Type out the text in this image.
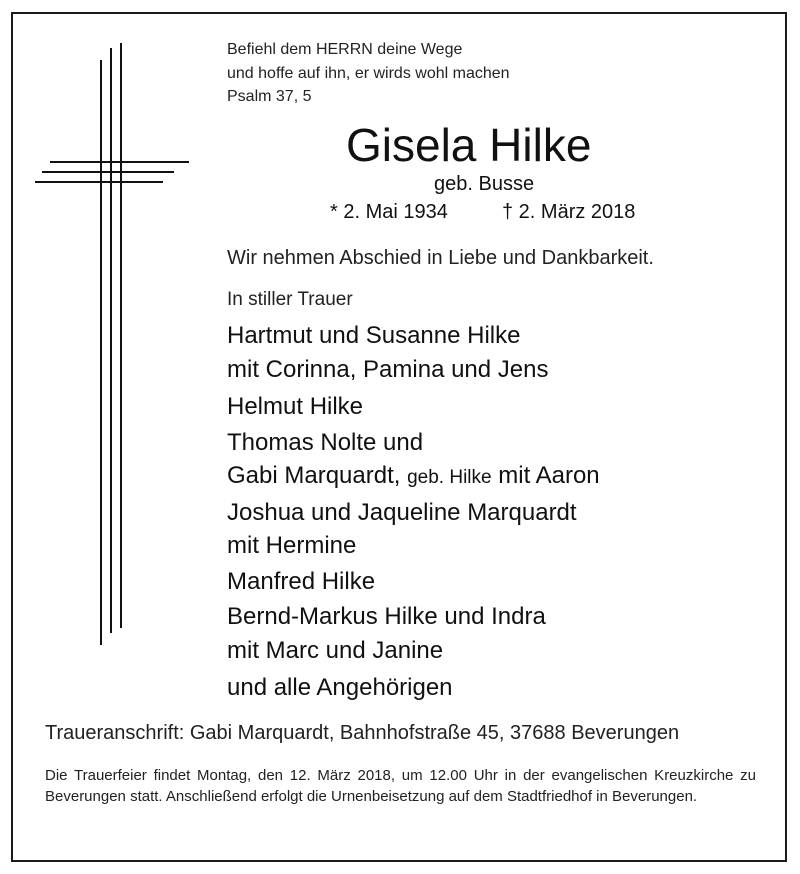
Befiehl dem HERRN deine Wege
und hoffe auf ihn, er wirds wohl machen
Psalm 37, 5
Gisela Hilke
geb. Busse
* 2. Mai 1934	† 2. März 2018
Wir nehmen Abschied in Liebe und Dankbarkeit.
In stiller Trauer
Hartmut und Susanne Hilke
mit Corinna, Pamina und Jens
Helmut Hilke
Thomas Nolte und
Gabi Marquardt, geb. Hilke mit Aaron
Joshua und Jaqueline Marquardt
mit Hermine
Manfred Hilke
Bernd-Markus Hilke und Indra
mit Marc und Janine
und alle Angehörigen
Traueranschrift: Gabi Marquardt, Bahnhofstraße 45, 37688 Beverungen
Die Trauerfeier findet Montag, den 12. März 2018, um 12.00 Uhr in der evangelischen Kreuzkirche zu Beverungen statt. Anschließend erfolgt die Urnenbeisetzung auf dem Stadtfriedhof in Beverungen.
